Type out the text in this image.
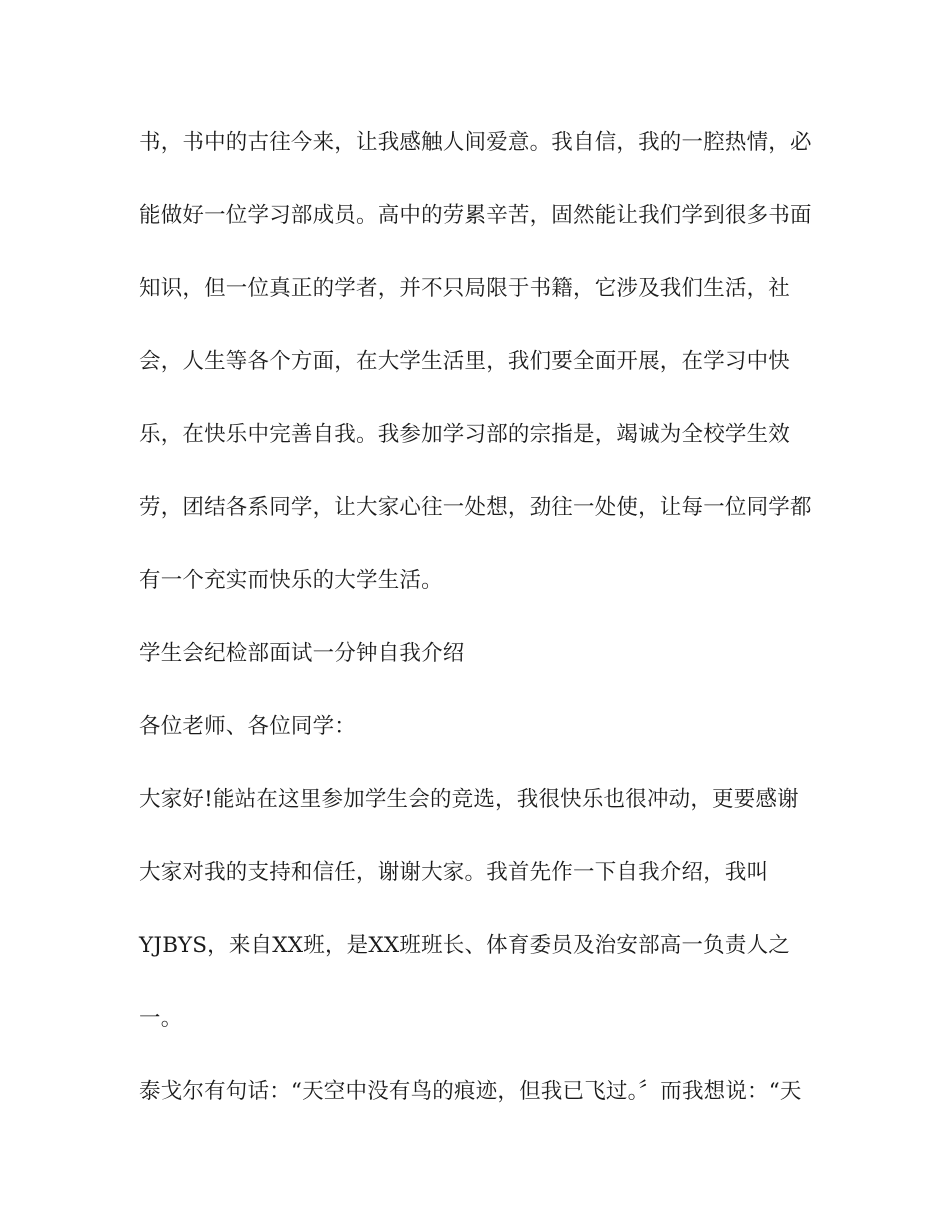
书，书中的古往今来，让我感触人间爱意。我自信，我的一腔热情，必
能做好一位学习部成员。高中的劳累辛苦，固然能让我们学到很多书面
知识，但一位真正的学者，并不只局限于书籍，它涉及我们生活，社
会，人生等各个方面，在大学生活里，我们要全面开展，在学习中快
乐，在快乐中完善自我。我参加学习部的宗指是，竭诚为全校学生效
劳，团结各系同学，让大家心往一处想，劲往一处使，让每一位同学都
有一个充实而快乐的大学生活。
学生会纪检部面试一分钟自我介绍
各位老师、各位同学：
大家好!能站在这里参加学生会的竞选，我很快乐也很冲动，更要感谢
大家对我的支持和信任，谢谢大家。我首先作一下自我介绍，我叫
YJBYS，来自XX班，是XX班班长、体育委员及治安部高一负责人之
一。
泰戈尔有句话：“天空中没有鸟的痕迹，但我已飞过。〞而我想说：“天
